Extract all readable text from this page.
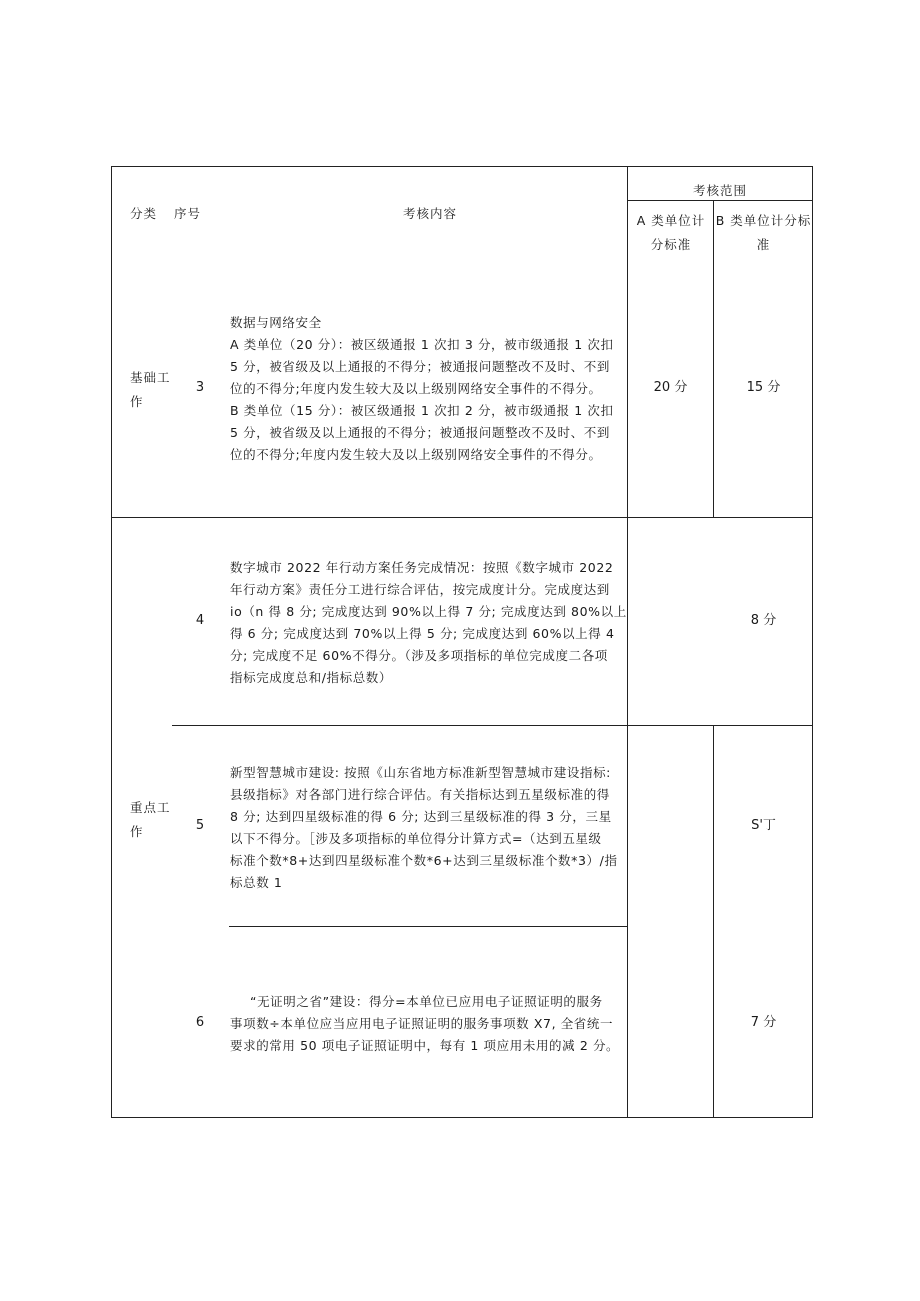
分类 序号	考核内容
考核范围
A 类单位计分标准
B 类单位计分标准
基础工作
重点工作
3
数据与网络安全
A 类单位（20 分）：被区级通报 1 次扣 3 分，被市级通报 1 次扣
5 分，被省级及以上通报的不得分；被通报问题整改不及时、不到
位的不得分;年度内发生较大及以上级别网络安全事件的不得分。
B 类单位（15 分）：被区级通报 1 次扣 2 分，被市级通报 1 次扣
5 分，被省级及以上通报的不得分；被通报问题整改不及时、不到
位的不得分;年度内发生较大及以上级别网络安全事件的不得分。
20 分	15 分
4
数字城市 2022 年行动方案任务完成情况：按照《数字城市 2022
年行动方案》责任分工进行综合评估，按完成度计分。完成度达到
io（n 得 8 分; 完成度达到 90%以上得 7 分; 完成度达到 80%以上
得 6 分; 完成度达到 70%以上得 5 分; 完成度达到 60%以上得 4
分; 完成度不足 60%不得分。（涉及多项指标的单位完成度二各项
指标完成度总和/指标总数）
8 分
5
新型智慧城市建设: 按照《山东省地方标准新型智慧城市建设指标:
县级指标》对各部门进行综合评估。有关指标达到五星级标准的得
8 分; 达到四星级标准的得 6 分; 达到三星级标准的得 3 分，三星
以下不得分。［涉及多项指标的单位得分计算方式=（达到五星级
标准个数*8+达到四星级标准个数*6+达到三星级标准个数*3）/指
标总数 1
S'丁
6
“无证明之省”建设：得分=本单位已应用电子证照证明的服务
事项数÷本单位应当应用电子证照证明的服务事项数 X7, 全省统一
要求的常用 50 项电子证照证明中，每有 1 项应用未用的减 2 分。
7 分
